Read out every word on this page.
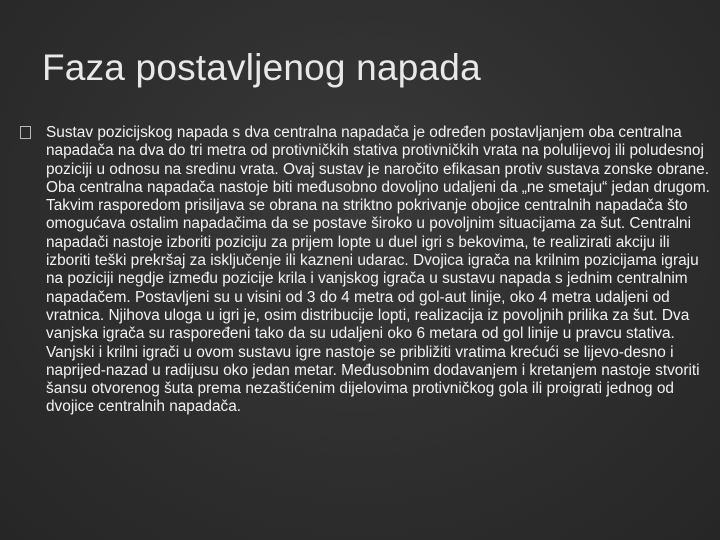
Faza postavljenog napada

Sustav pozicijskog napada s dva centralna napadača je određen postavljanjem oba centralna napadača na dva do tri metra od protivničkih stativa protivničkih vrata na polulijevoj ili poludesnoj poziciji u odnosu na sredinu vrata. Ovaj sustav je naročito efikasan protiv sustava zonske obrane. Oba centralna napadača nastoje biti međusobno dovoljno udaljeni da „ne smetaju“ jedan drugom. Takvim rasporedom prisiljava se obrana na striktno pokrivanje obojice centralnih napadača što omogućava ostalim napadačima da se postave široko u povoljnim situacijama za šut. Centralni napadači nastoje izboriti poziciju za prijem lopte u duel igri s bekovima, te realizirati akciju ili izboriti teški prekršaj za isključenje ili kazneni udarac. Dvojica igrača na krilnim pozicijama igraju na poziciji negdje između pozicije krila i vanjskog igrača u sustavu napada s jednim centralnim napadačem. Postavljeni su u visini od 3 do 4 metra od gol-aut linije, oko 4 metra udaljeni od vratnica. Njihova uloga u igri je, osim distribucije lopti, realizacija iz povoljnih prilika za šut. Dva vanjska igrača su raspoređeni tako da su udaljeni oko 6 metara od gol linije u pravcu stativa. Vanjski i krilni igrači u ovom sustavu igre nastoje se približiti vratima krećući se lijevo-desno i naprijed-nazad u radijusu oko jedan metar. Međusobnim dodavanjem i kretanjem nastoje stvoriti šansu otvorenog šuta prema nezaštićenim dijelovima protivničkog gola ili proigrati jednog od dvojice centralnih napadača.
